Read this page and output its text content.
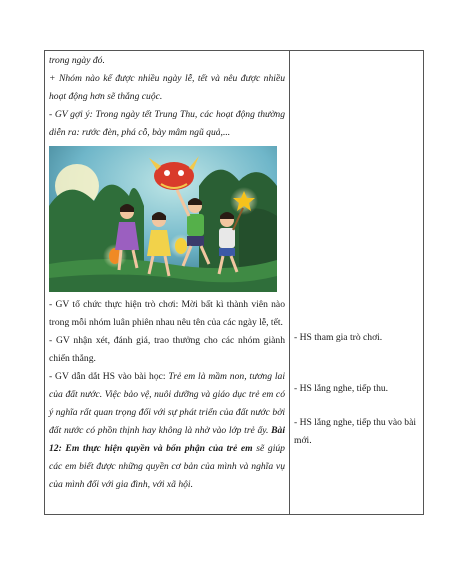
trong ngày đó.
+ Nhóm nào kể được nhiều ngày lễ, tết và nêu được nhiều hoạt động hơn sẽ thắng cuộc.
- GV gợi ý: Trong ngày tết Trung Thu, các hoạt động thường diễn ra: rước đèn, phá cỗ, bày mâm ngũ quả,...
- GV tổ chức thực hiện trò chơi: Mời bất kì thành viên nào trong mỗi nhóm luân phiên nhau nêu tên của các ngày lễ, tết.
- GV nhận xét, đánh giá, trao thưởng cho các nhóm giành chiến thắng.
- GV dẫn dắt HS vào bài học: Trẻ em là mầm non, tương lai của đất nước. Việc bảo vệ, nuôi dưỡng và giáo dục trẻ em có ý nghĩa rất quan trọng đối với sự phát triển của đất nước bởi đất nước có phồn thịnh hay không là nhờ vào lớp trẻ ấy. Bài 12: Em thực hiện quyền và bổn phận của trẻ em sẽ giúp các em biết được những quyền cơ bản của mình và nghĩa vụ của mình đối với gia đình, với xã hội.

- HS tham gia trò chơi.
- HS lắng nghe, tiếp thu.
- HS lắng nghe, tiếp thu vào bài mới.
